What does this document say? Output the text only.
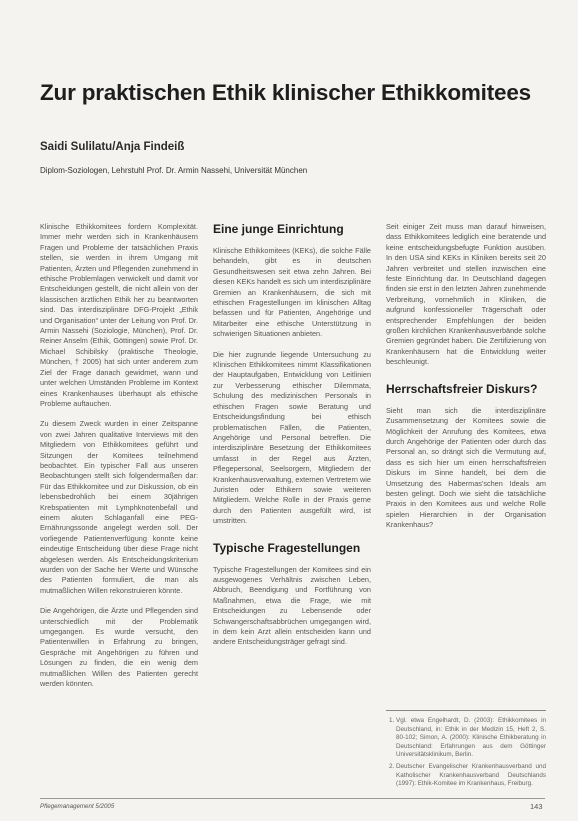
Zur praktischen Ethik klinischer Ethikkomitees
Saidi Sulilatu/Anja Findeiß
Diplom-Soziologen, Lehrstuhl Prof. Dr. Armin Nassehi, Universität München

Klinische Ethikkomitees fordern Komplexität. Immer mehr werden sich in Krankenhäusern Fragen und Probleme der tatsächlichen Praxis stellen, sie werden in ihrem Umgang mit Patienten, Ärzten und Pflegenden zunehmend in ethische Problemlagen verwickelt und damit vor Entscheidungen gestellt, die nicht allein von der klassischen ärztlichen Ethik her zu beantworten sind. Das interdisziplinäre DFG-Projekt „Ethik und Organisation“ unter der Leitung von Prof. Dr. Armin Nassehi (Soziologie, München), Prof. Dr. Reiner Anselm (Ethik, Göttingen) sowie Prof. Dr. Michael Schibilsky (praktische Theologie, München, † 2005) hat sich unter anderem zum Ziel der Frage danach gewidmet, wann und unter welchen Umständen Probleme im Kontext eines Krankenhauses überhaupt als ethische Probleme auftauchen.

Zu diesem Zweck wurden in einer Zeitspanne von zwei Jahren qualitative Interviews mit den Mitgliedern von Ethikkomitees geführt und Sitzungen der Komitees teilnehmend beobachtet. Ein typischer Fall aus unseren Beobachtungen stellt sich folgendermaßen dar: Für das Ethikkomitee und zur Diskussion, ob ein lebensbedrohlich bei einem 30jährigen Krebspatienten mit Lymphknotenbefall und einem akuten Schlaganfall eine PEG-Ernährungssonde angelegt werden soll. Der vorliegende Patientenverfügung konnte keine eindeutige Entscheidung über diese Frage nicht abgelesen werden. Als Entscheidungskriterium wurden von der Sache her Werte und Wünsche des Patienten formuliert, die man als mutmaßlichen Willen rekonstruieren könnte.

Die Angehörigen, die Ärzte und Pflegenden sind unterschiedlich mit der Problematik umgegangen. Es wurde versucht, den Patientenwillen in Erfahrung zu bringen, Gespräche mit Angehörigen zu führen und Lösungen zu finden, die ein wenig dem mutmaßlichen Willen des Patienten gerecht werden könnten.

Eine junge Einrichtung

Klinische Ethikkomitees (KEKs), die solche Fälle behandeln, gibt es in deutschen Gesundheitswesen seit etwa zehn Jahren. Bei diesen KEKs handelt es sich um interdisziplinäre Gremien an Krankenhäusern, die sich mit ethischen Fragestellungen im klinischen Alltag befassen und für Patienten, Angehörige und Mitarbeiter eine ethische Unterstützung in schwierigen Situationen anbieten.

Die hier zugrunde liegende Untersuchung zu Klinischen Ethikkomitees nimmt Klassifikationen der Hauptaufgaben, Entwicklung von Leitlinien zur Verbesserung ethischer Dilemmata, Schulung des medizinischen Personals in ethischen Fragen sowie Beratung und Entscheidungsfindung bei ethisch problematischen Fällen, die Patienten, Angehörige und Personal betreffen. Die interdisziplinäre Besetzung der Ethikkomitees umfasst in der Regel aus Ärzten, Pflegepersonal, Seelsorgern, Mitgliedern der Krankenhausverwaltung, externen Vertretern wie Juristen oder Ethikern sowie weiteren Mitgliedern. Welche Rolle in der Praxis gerne durch den Patienten ausgefüllt wird, ist umstritten.

Typische Fragestellungen

Typische Fragestellungen der Komitees sind ein ausgewogenes Verhältnis zwischen Leben, Abbruch, Beendigung und Fortführung von Maßnahmen, etwa die Frage, wie mit Entscheidungen zu Lebensende oder Schwangerschaftsabbrüchen umgegangen wird, in dem kein Arzt allein entscheiden kann und andere Entscheidungsträger gefragt sind.

Seit einiger Zeit muss man darauf hinweisen, dass Ethikkomitees lediglich eine beratende und keine entscheidungsbefugte Funktion ausüben. In den USA sind KEKs in Kliniken bereits seit 20 Jahren verbreitet und stellen inzwischen eine feste Einrichtung dar. In Deutschland dagegen finden sie erst in den letzten Jahren zunehmende Verbreitung, vornehmlich in Kliniken, die aufgrund konfessioneller Trägerschaft oder entsprechender Empfehlungen der beiden großen kirchlichen Krankenhausverbände solche Gremien gegründet haben. Die Zertifizierung von Krankenhäusern hat die Entwicklung weiter beschleunigt.

Herrschaftsfreier Diskurs?

Sieht man sich die interdisziplinäre Zusammensetzung der Komitees sowie die Möglichkeit der Anrufung des Komitees, etwa durch Angehörige der Patienten oder durch das Personal an, so drängt sich die Vermutung auf, dass es sich hier um einen herrschaftsfreien Diskurs im Sinne handelt, bei dem die Umsetzung des Habermas'schen Ideals am besten gelingt. Doch wie sieht die tatsächliche Praxis in den Komitees aus und welche Rolle spielen Hierarchien in der Organisation Krankenhaus?

1. Vgl. etwa Engelhardt, D. (2003): Ethikkomitees in Deutschland, in: Ethik in der Medizin 15, Heft 2, S. 80-102; Simon, A. (2000): Klinische Ethikberatung in Deutschland: Erfahrungen aus dem Göttinger Universitätsklinikum, Berlin.
2. Deutscher Evangelischer Krankenhausverband und Katholischer Krankenhausverband Deutschlands (1997): Ethik-Komitee im Krankenhaus, Freiburg.
Pflegemanagement 5/2005	143
